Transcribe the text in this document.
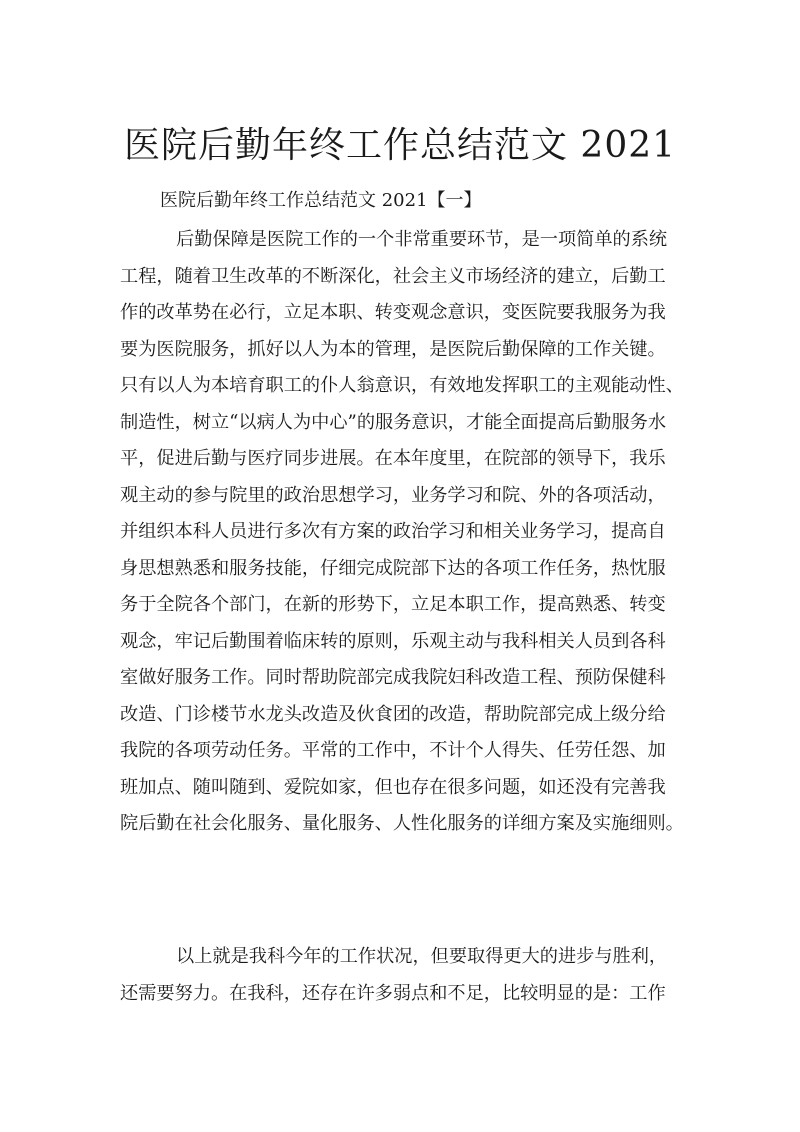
医院后勤年终工作总结范文 2021

医院后勤年终工作总结范文 2021【一】

后勤保障是医院工作的一个非常重要环节，是一项简单的系统
工程，随着卫生改革的不断深化，社会主义市场经济的建立，后勤工
作的改革势在必行，立足本职、转变观念意识，变医院要我服务为我
要为医院服务，抓好以人为本的管理，是医院后勤保障的工作关键。
只有以人为本培育职工的仆人翁意识，有效地发挥职工的主观能动性、
制造性，树立“以病人为中心”的服务意识，才能全面提高后勤服务水
平，促进后勤与医疗同步进展。在本年度里，在院部的领导下，我乐
观主动的参与院里的政治思想学习，业务学习和院、外的各项活动，
并组织本科人员进行多次有方案的政治学习和相关业务学习，提高自
身思想熟悉和服务技能，仔细完成院部下达的各项工作任务，热忱服
务于全院各个部门，在新的形势下，立足本职工作，提高熟悉、转变
观念，牢记后勤围着临床转的原则，乐观主动与我科相关人员到各科
室做好服务工作。同时帮助院部完成我院妇科改造工程、预防保健科
改造、门诊楼节水龙头改造及伙食团的改造，帮助院部完成上级分给
我院的各项劳动任务。平常的工作中，不计个人得失、任劳任怨、加
班加点、随叫随到、爱院如家，但也存在很多问题，如还没有完善我
院后勤在社会化服务、量化服务、人性化服务的详细方案及实施细则。
以上就是我科今年的工作状况，但要取得更大的进步与胜利，
还需要努力。在我科，还存在许多弱点和不足，比较明显的是：工作
